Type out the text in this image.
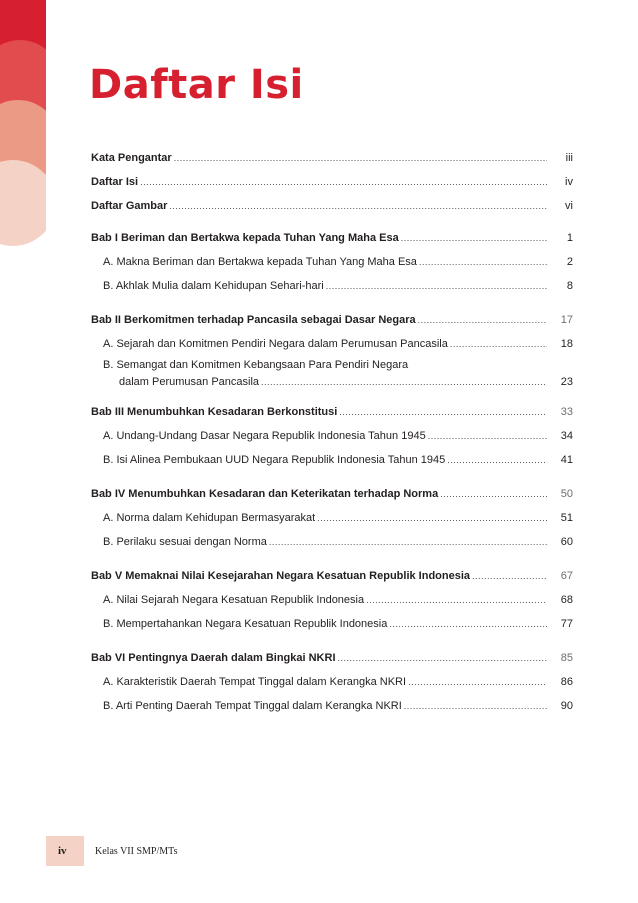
Daftar Isi
Kata Pengantar .....	iii
Daftar Isi .....	iv
Daftar Gambar .....	vi
Bab I Beriman dan Bertakwa kepada Tuhan Yang Maha Esa .....	1
A. Makna Beriman dan Bertakwa kepada Tuhan Yang Maha Esa .....	2
B. Akhlak Mulia dalam Kehidupan Sehari-hari .....	8
Bab II Berkomitmen terhadap Pancasila sebagai Dasar Negara .....	17
A. Sejarah dan Komitmen Pendiri Negara dalam Perumusan Pancasila .....	18
B. Semangat dan Komitmen Kebangsaan Para Pendiri Negara
dalam Perumusan Pancasila .....	23
Bab III Menumbuhkan Kesadaran Berkonstitusi .....	33
A. Undang-Undang Dasar Negara Republik Indonesia Tahun 1945 .....	34
B. Isi Alinea Pembukaan UUD Negara Republik Indonesia Tahun 1945 .....	41
Bab IV Menumbuhkan Kesadaran dan Keterikatan terhadap Norma .....	50
A. Norma dalam Kehidupan Bermasyarakat .....	51
B. Perilaku sesuai dengan Norma .....	60
Bab V Memaknai Nilai Kesejarahan Negara Kesatuan Republik Indonesia .....	67
A. Nilai Sejarah Negara Kesatuan Republik Indonesia .....	68
B. Mempertahankan Negara Kesatuan Republik Indonesia .....	77
Bab VI Pentingnya Daerah dalam Bingkai NKRI .....	85
A. Karakteristik Daerah Tempat Tinggal dalam Kerangka NKRI .....	86
B. Arti Penting Daerah Tempat Tinggal dalam Kerangka NKRI .....	90
iv	Kelas VII SMP/MTs
